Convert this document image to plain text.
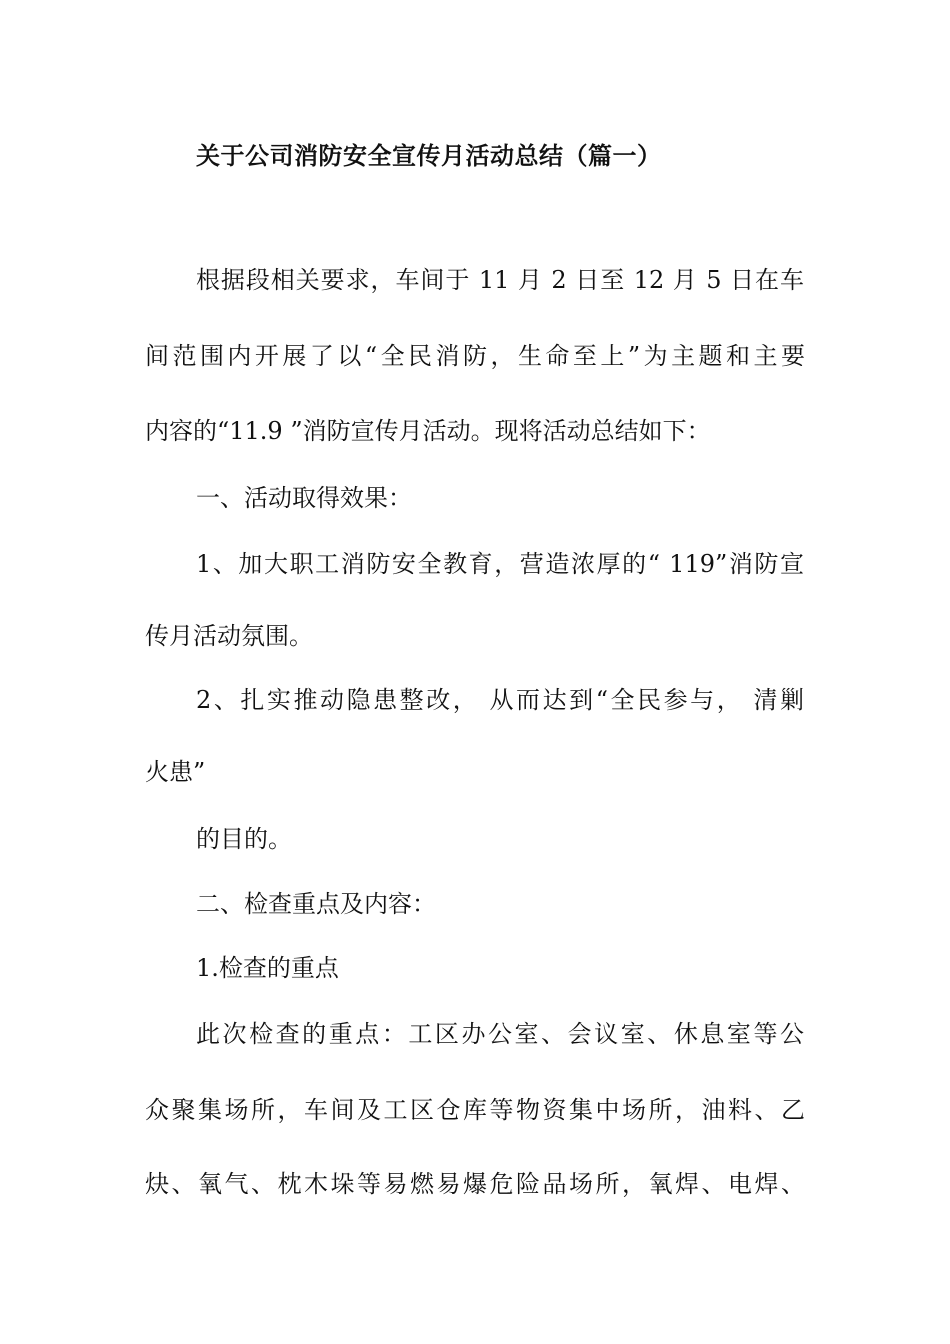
关于公司消防安全宣传月活动总结（篇一）
根据段相关要求，车间于 11 月 2 日至 12 月 5 日在车
间范围内开展了以“全民消防，生命至上”为主题和主要
内容的“11.9 ”消防宣传月活动。现将活动总结如下：
一、活动取得效果：
1、加大职工消防安全教育，营造浓厚的“ 119”消防宣
传月活动氛围。
2、扎实推动隐患整改， 从而达到“全民参与， 清剿
火患”
的目的。
二、检查重点及内容：
1.检查的重点
此次检查的重点：工区办公室、会议室、休息室等公
众聚集场所，车间及工区仓库等物资集中场所，油料、乙
炔、氧气、枕木垛等易燃易爆危险品场所，氧焊、电焊、
